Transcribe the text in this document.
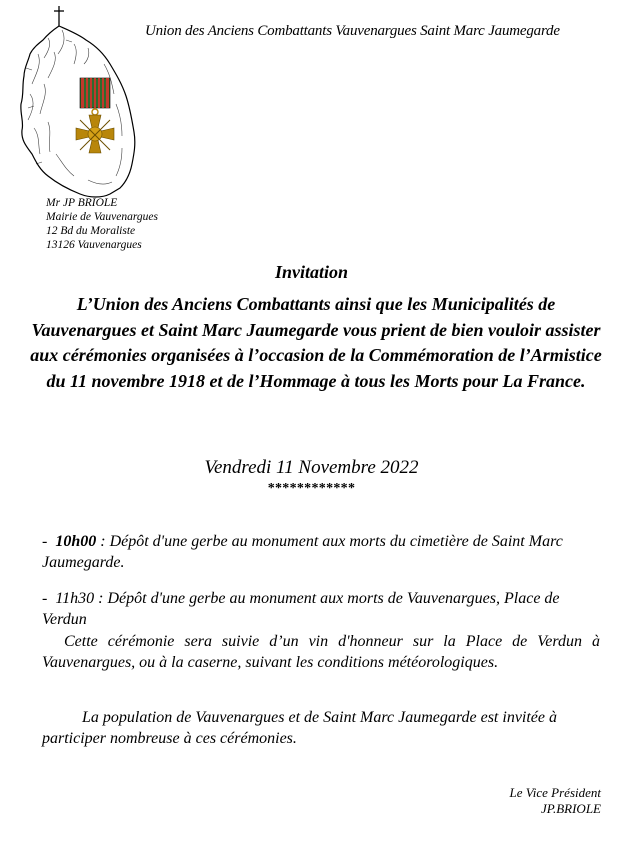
Union des Anciens Combattants Vauvenargues Saint Marc Jaumegarde
Mr JP BRIOLE
Mairie de Vauvenargues
12 Bd du Moraliste
13126 Vauvenargues
Invitation
L’Union des Anciens Combattants ainsi que les Municipalités de Vauvenargues et Saint Marc Jaumegarde vous prient de bien vouloir assister aux cérémonies organisées à l’occasion de la Commémoration de l’Armistice du 11 novembre 1918 et de l’Hommage à tous les Morts pour La France.
Vendredi 11 Novembre 2022
************
- 10h00 : Dépôt d'une gerbe au monument aux morts du cimetière de Saint Marc Jaumegarde.
- 11h30 : Dépôt d'une gerbe au monument aux morts de Vauvenargues, Place de Verdun
Cette cérémonie sera suivie d’un vin d'honneur sur la Place de Verdun à Vauvenargues, ou à la caserne, suivant les conditions météorologiques.
La population de Vauvenargues et de Saint Marc Jaumegarde est invitée à participer nombreuse à ces cérémonies.
Le Vice Président
JP.BRIOLE
